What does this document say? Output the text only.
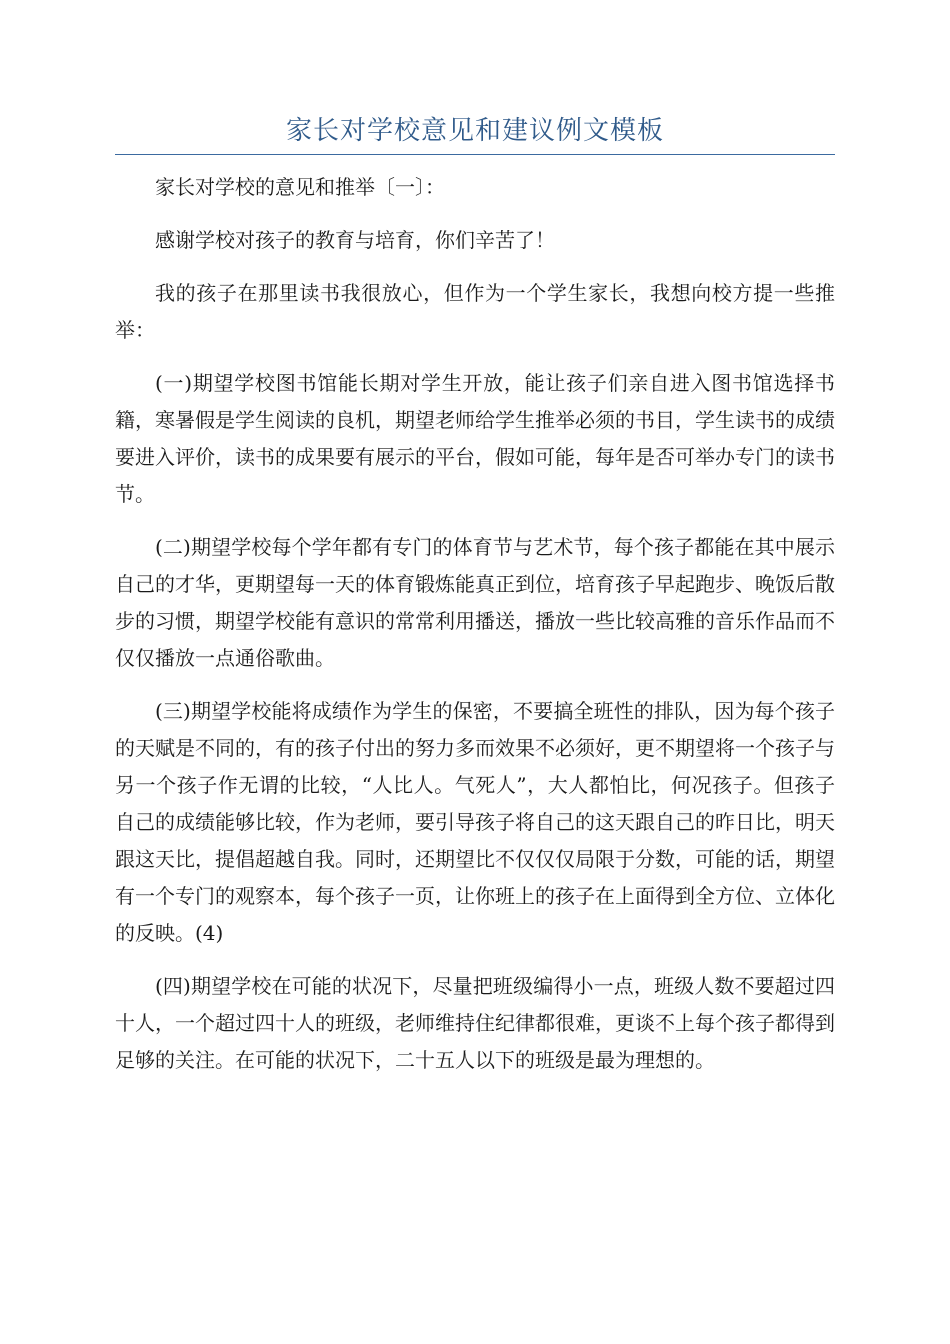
家长对学校意见和建议例文模板

家长对学校的意见和推举〔一〕：

感谢学校对孩子的教育与培育，你们辛苦了！

我的孩子在那里读书我很放心，但作为一个学生家长，我想向校方提一些推举：

(一)期望学校图书馆能长期对学生开放，能让孩子们亲自进入图书馆选择书籍，寒暑假是学生阅读的良机，期望老师给学生推举必须的书目，学生读书的成绩要进入评价，读书的成果要有展示的平台，假如可能，每年是否可举办专门的读书节。

(二)期望学校每个学年都有专门的体育节与艺术节，每个孩子都能在其中展示自己的才华，更期望每一天的体育锻炼能真正到位，培育孩子早起跑步、晚饭后散步的习惯，期望学校能有意识的常常利用播送，播放一些比较高雅的音乐作品而不仅仅播放一点通俗歌曲。

(三)期望学校能将成绩作为学生的保密，不要搞全班性的排队，因为每个孩子的天赋是不同的，有的孩子付出的努力多而效果不必须好，更不期望将一个孩子与另一个孩子作无谓的比较，“人比人。气死人”，大人都怕比，何况孩子。但孩子自己的成绩能够比较，作为老师，要引导孩子将自己的这天跟自己的昨日比，明天跟这天比，提倡超越自我。同时，还期望比不仅仅仅局限于分数，可能的话，期望有一个专门的观察本，每个孩子一页，让你班上的孩子在上面得到全方位、立体化的反映。(4)

(四)期望学校在可能的状况下，尽量把班级编得小一点，班级人数不要超过四十人，一个超过四十人的班级，老师维持住纪律都很难，更谈不上每个孩子都得到足够的关注。在可能的状况下，二十五人以下的班级是最为理想的。
